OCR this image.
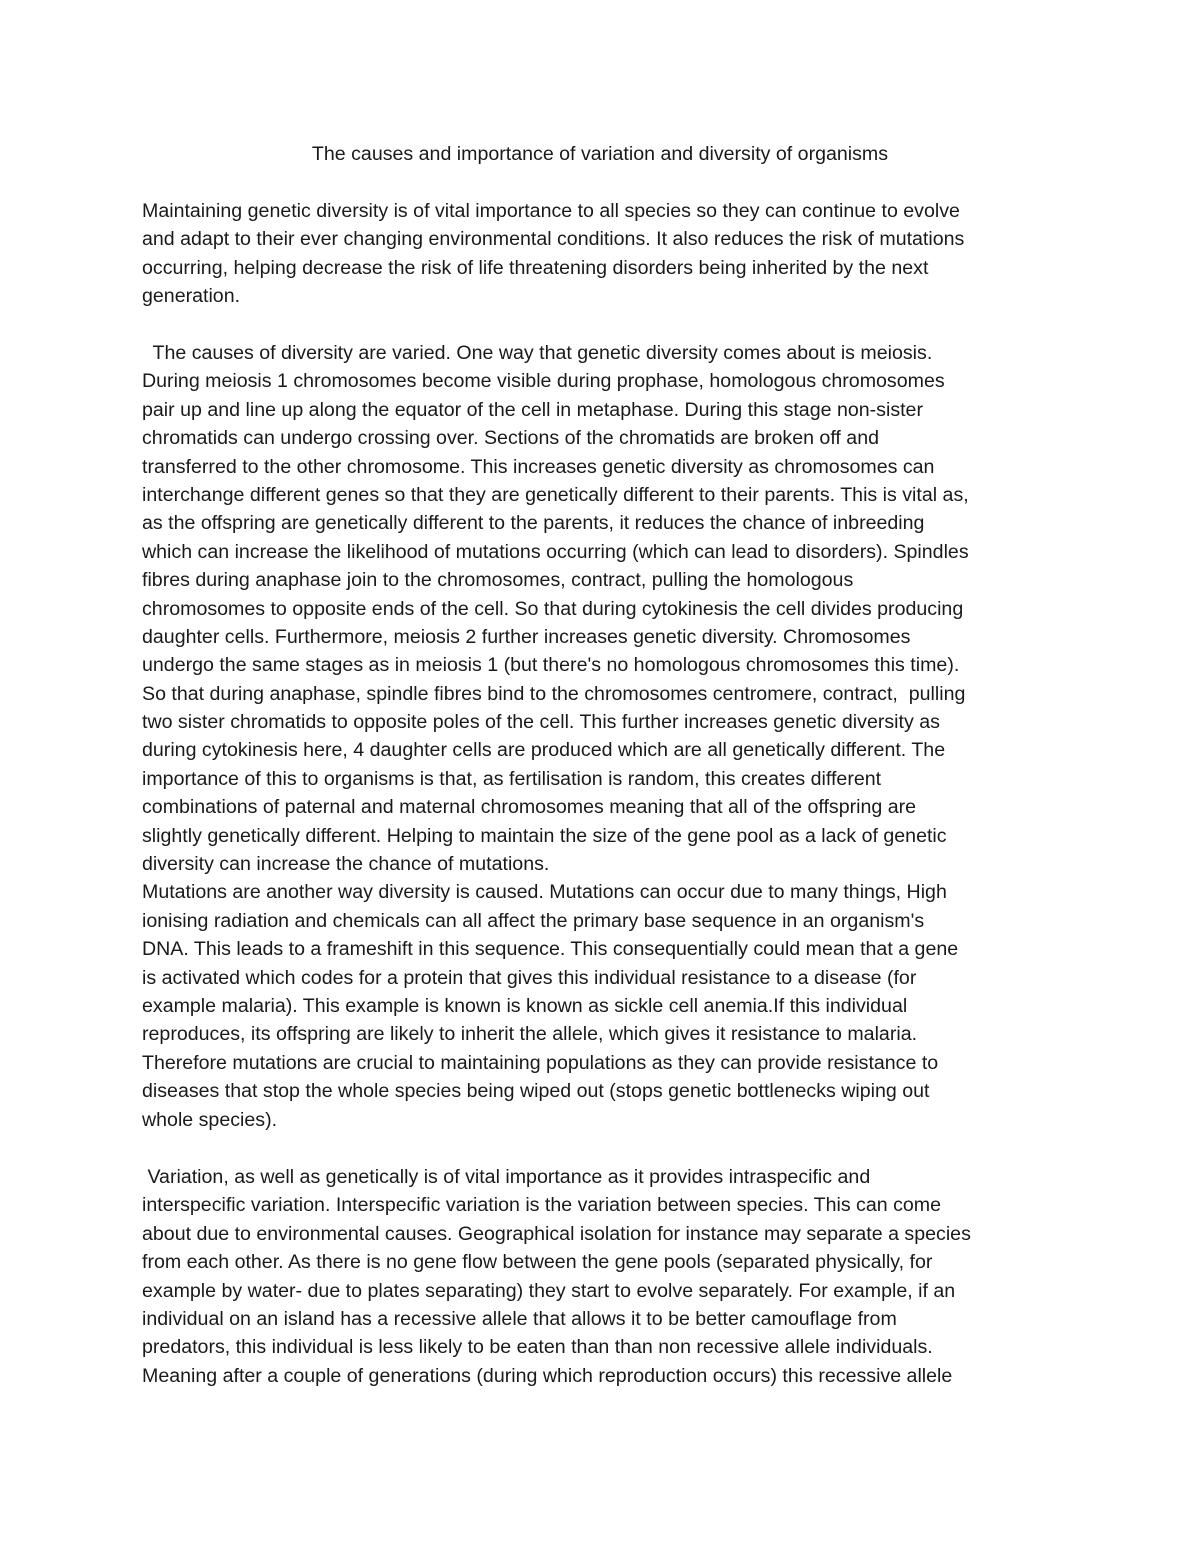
The causes and importance of variation and diversity of organisms
Maintaining genetic diversity is of vital importance to all species so they can continue to evolve
and adapt to their ever changing environmental conditions. It also reduces the risk of mutations
occurring, helping decrease the risk of life threatening disorders being inherited by the next
generation.
The causes of diversity are varied. One way that genetic diversity comes about is meiosis.
During meiosis 1 chromosomes become visible during prophase, homologous chromosomes
pair up and line up along the equator of the cell in metaphase. During this stage non-sister
chromatids can undergo crossing over. Sections of the chromatids are broken off and
transferred to the other chromosome. This increases genetic diversity as chromosomes can
interchange different genes so that they are genetically different to their parents. This is vital as,
as the offspring are genetically different to the parents, it reduces the chance of inbreeding
which can increase the likelihood of mutations occurring (which can lead to disorders). Spindles
fibres during anaphase join to the chromosomes, contract, pulling the homologous
chromosomes to opposite ends of the cell. So that during cytokinesis the cell divides producing
daughter cells. Furthermore, meiosis 2 further increases genetic diversity. Chromosomes
undergo the same stages as in meiosis 1 (but there's no homologous chromosomes this time).
So that during anaphase, spindle fibres bind to the chromosomes centromere, contract,  pulling
two sister chromatids to opposite poles of the cell. This further increases genetic diversity as
during cytokinesis here, 4 daughter cells are produced which are all genetically different. The
importance of this to organisms is that, as fertilisation is random, this creates different
combinations of paternal and maternal chromosomes meaning that all of the offspring are
slightly genetically different. Helping to maintain the size of the gene pool as a lack of genetic
diversity can increase the chance of mutations.
Mutations are another way diversity is caused. Mutations can occur due to many things, High
ionising radiation and chemicals can all affect the primary base sequence in an organism's
DNA. This leads to a frameshift in this sequence. This consequentially could mean that a gene
is activated which codes for a protein that gives this individual resistance to a disease (for
example malaria). This example is known is known as sickle cell anemia.If this individual
reproduces, its offspring are likely to inherit the allele, which gives it resistance to malaria.
Therefore mutations are crucial to maintaining populations as they can provide resistance to
diseases that stop the whole species being wiped out (stops genetic bottlenecks wiping out
whole species).
Variation, as well as genetically is of vital importance as it provides intraspecific and
interspecific variation. Interspecific variation is the variation between species. This can come
about due to environmental causes. Geographical isolation for instance may separate a species
from each other. As there is no gene flow between the gene pools (separated physically, for
example by water- due to plates separating) they start to evolve separately. For example, if an
individual on an island has a recessive allele that allows it to be better camouflage from
predators, this individual is less likely to be eaten than than non recessive allele individuals.
Meaning after a couple of generations (during which reproduction occurs) this recessive allele
